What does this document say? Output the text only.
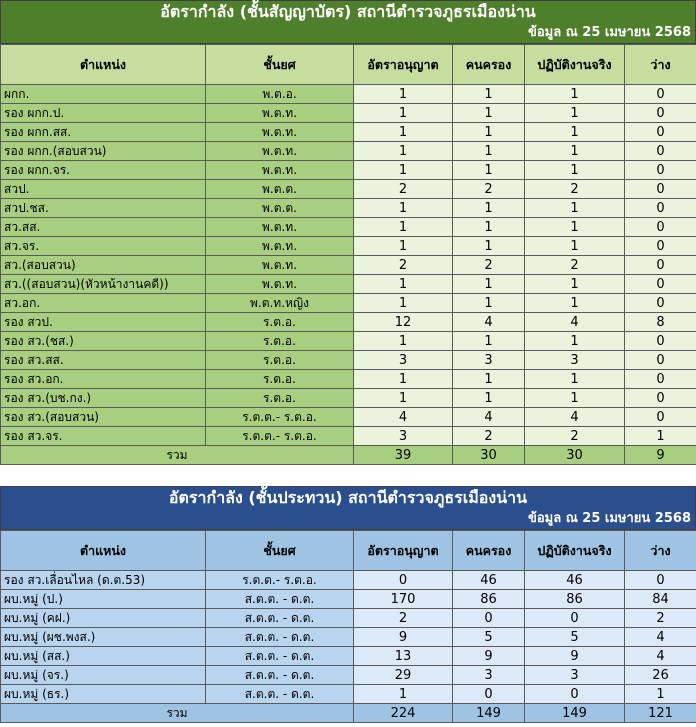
อัตรากำลัง (ชั้นสัญญาบัตร) สถานีตำรวจภูธรเมืองน่าน
ข้อมูล ณ 25 เมษายน 2568
ตำแหน่ง	ชั้นยศ	อัตราอนุญาต	คนครอง	ปฏิบัติงานจริง	ว่าง
ผกก.	พ.ต.อ.	1	1	1	0
รอง ผกก.ป.	พ.ต.ท.	1	1	1	0
รอง ผกก.สส.	พ.ต.ท.	1	1	1	0
รอง ผกก.(สอบสวน)	พ.ต.ท.	1	1	1	0
รอง ผกก.จร.	พ.ต.ท.	1	1	1	0
สวป.	พ.ต.ต.	2	2	2	0
สวป.ชส.	พ.ต.ต.	1	1	1	0
สว.สส.	พ.ต.ท.	1	1	1	0
สว.จร.	พ.ต.ท.	1	1	1	0
สว.(สอบสวน)	พ.ต.ท.	2	2	2	0
สว.((สอบสวน)(หัวหน้างานคดี))	พ.ต.ท.	1	1	1	0
สว.อก.	พ.ต.ท.หญิง	1	1	1	0
รอง สวป.	ร.ต.อ.	12	4	4	8
รอง สว.(ชส.)	ร.ต.อ.	1	1	1	0
รอง สว.สส.	ร.ต.อ.	3	3	3	0
รอง สว.อก.	ร.ต.อ.	1	1	1	0
รอง สว.(บช.กง.)	ร.ต.อ.	1	1	1	0
รอง สว.(สอบสวน)	ร.ต.ต.- ร.ต.อ.	4	4	4	0
รอง สว.จร.	ร.ต.ต.- ร.ต.อ.	3	2	2	1
รวม		39	30	30	9
อัตรากำลัง (ชั้นประทวน) สถานีตำรวจภูธรเมืองน่าน
ข้อมูล ณ 25 เมษายน 2568
ตำแหน่ง	ชั้นยศ	อัตราอนุญาต	คนครอง	ปฏิบัติงานจริง	ว่าง
รอง สว.เลื่อนไหล (ด.ต.53)	ร.ต.ต.- ร.ต.อ.	0	46	46	0
ผบ.หมู่ (ป.)	ส.ต.ต. - ด.ต.	170	86	86	84
ผบ.หมู่ (คฝ.)	ส.ต.ต. - ด.ต.	2	0	0	2
ผบ.หมู่ (ผช.พงส.)	ส.ต.ต. - ด.ต.	9	5	5	4
ผบ.หมู่ (สส.)	ส.ต.ต. - ด.ต.	13	9	9	4
ผบ.หมู่ (จร.)	ส.ต.ต. - ด.ต.	29	3	3	26
ผบ.หมู่ (ธร.)	ส.ต.ต. - ด.ต.	1	0	0	1
รวม		224	149	149	121
